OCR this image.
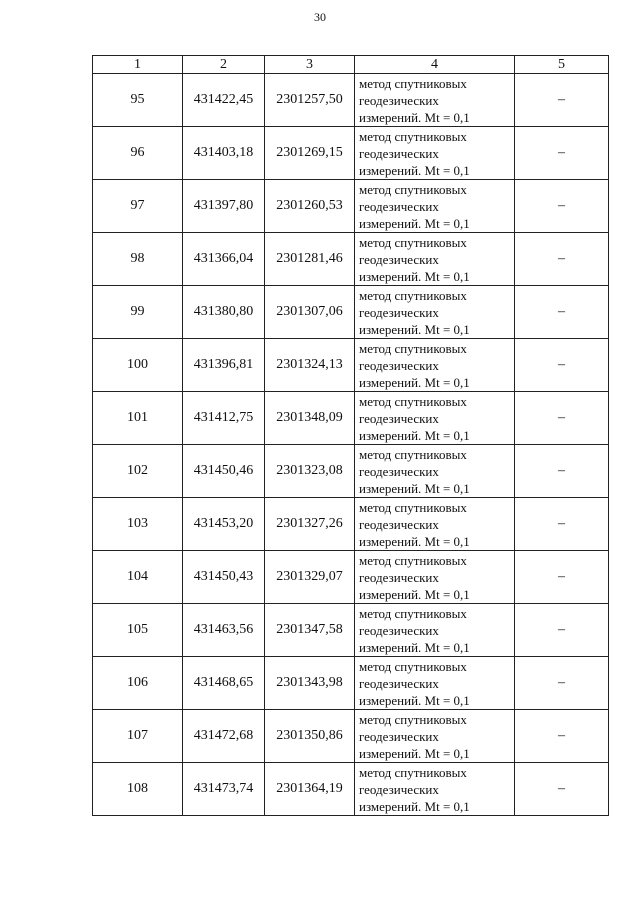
30
1	2	3	4	5
95	431422,45	2301257,50	метод спутниковых
геодезических
измерений. Mt = 0,1	–
96	431403,18	2301269,15	метод спутниковых
геодезических
измерений. Mt = 0,1	–
97	431397,80	2301260,53	метод спутниковых
геодезических
измерений. Mt = 0,1	–
98	431366,04	2301281,46	метод спутниковых
геодезических
измерений. Mt = 0,1	–
99	431380,80	2301307,06	метод спутниковых
геодезических
измерений. Mt = 0,1	–
100	431396,81	2301324,13	метод спутниковых
геодезических
измерений. Mt = 0,1	–
101	431412,75	2301348,09	метод спутниковых
геодезических
измерений. Mt = 0,1	–
102	431450,46	2301323,08	метод спутниковых
геодезических
измерений. Mt = 0,1	–
103	431453,20	2301327,26	метод спутниковых
геодезических
измерений. Mt = 0,1	–
104	431450,43	2301329,07	метод спутниковых
геодезических
измерений. Mt = 0,1	–
105	431463,56	2301347,58	метод спутниковых
геодезических
измерений. Mt = 0,1	–
106	431468,65	2301343,98	метод спутниковых
геодезических
измерений. Mt = 0,1	–
107	431472,68	2301350,86	метод спутниковых
геодезических
измерений. Mt = 0,1	–
108	431473,74	2301364,19	метод спутниковых
геодезических
измерений. Mt = 0,1	–
